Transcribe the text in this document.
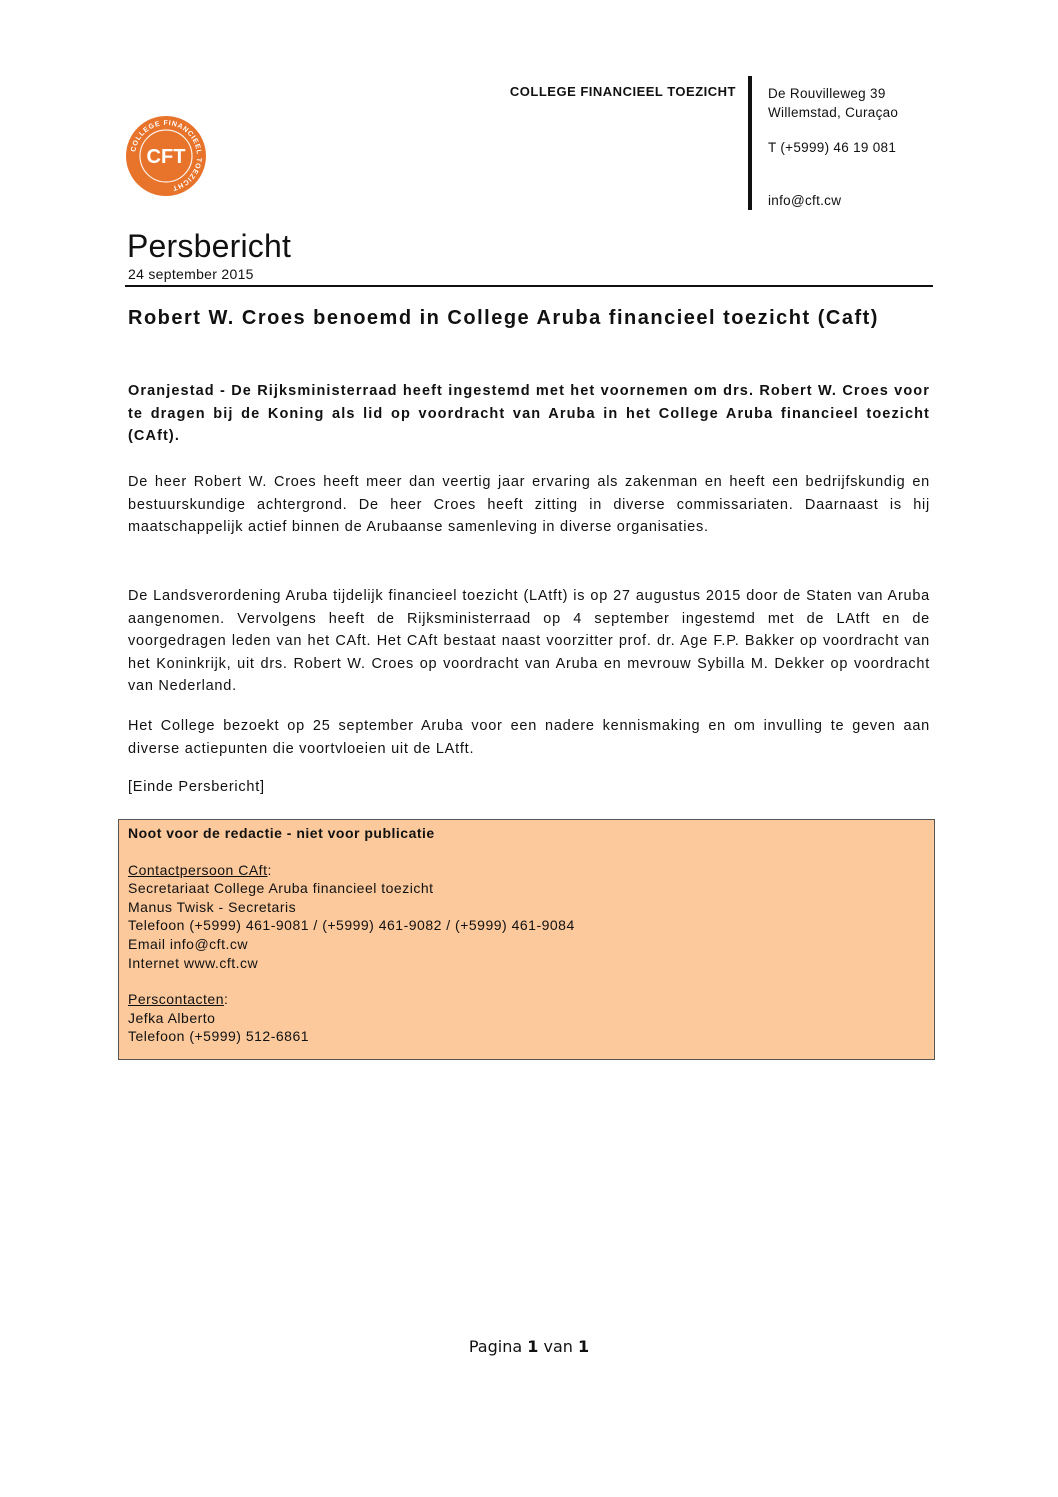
COLLEGE FINANCIEEL TOEZICHT De Rouvilleweg 39
Willemstad, Curaçao
T (+5999) 46 19 081
info@cft.cw
COLLEGE FINANCIEEL TOEZICHT
CFT
Persbericht
24 september 2015
Robert W. Croes benoemd in College Aruba financieel toezicht (Caft)
Oranjestad - De Rijksministerraad heeft ingestemd met het voornemen om drs. Robert W. Croes voor te dragen bij de Koning als lid op voordracht van Aruba in het College Aruba financieel toezicht (CAft).
De heer Robert W. Croes heeft meer dan veertig jaar ervaring als zakenman en heeft een bedrijfskundig en bestuurskundige achtergrond. De heer Croes heeft zitting in diverse commissariaten. Daarnaast is hij maatschappelijk actief binnen de Arubaanse samenleving in diverse organisaties.
De Landsverordening Aruba tijdelijk financieel toezicht (LAtft) is op 27 augustus 2015 door de Staten van Aruba aangenomen. Vervolgens heeft de Rijksministerraad op 4 september ingestemd met de LAtft en de voorgedragen leden van het CAft. Het CAft bestaat naast voorzitter prof. dr. Age F.P. Bakker op voordracht van het Koninkrijk, uit drs. Robert W. Croes op voordracht van Aruba en mevrouw Sybilla M. Dekker op voordracht van Nederland.
Het College bezoekt op 25 september Aruba voor een nadere kennismaking en om invulling te geven aan diverse actiepunten die voortvloeien uit de LAtft.
[Einde Persbericht]
Noot voor de redactie - niet voor publicatie
Contactpersoon CAft:
Secretariaat College Aruba financieel toezicht
Manus Twisk - Secretaris
Telefoon (+5999) 461-9081 / (+5999) 461-9082 / (+5999) 461-9084
Email info@cft.cw
Internet www.cft.cw
Perscontacten:
Jefka Alberto
Telefoon (+5999) 512-6861
Pagina 1 van 1
